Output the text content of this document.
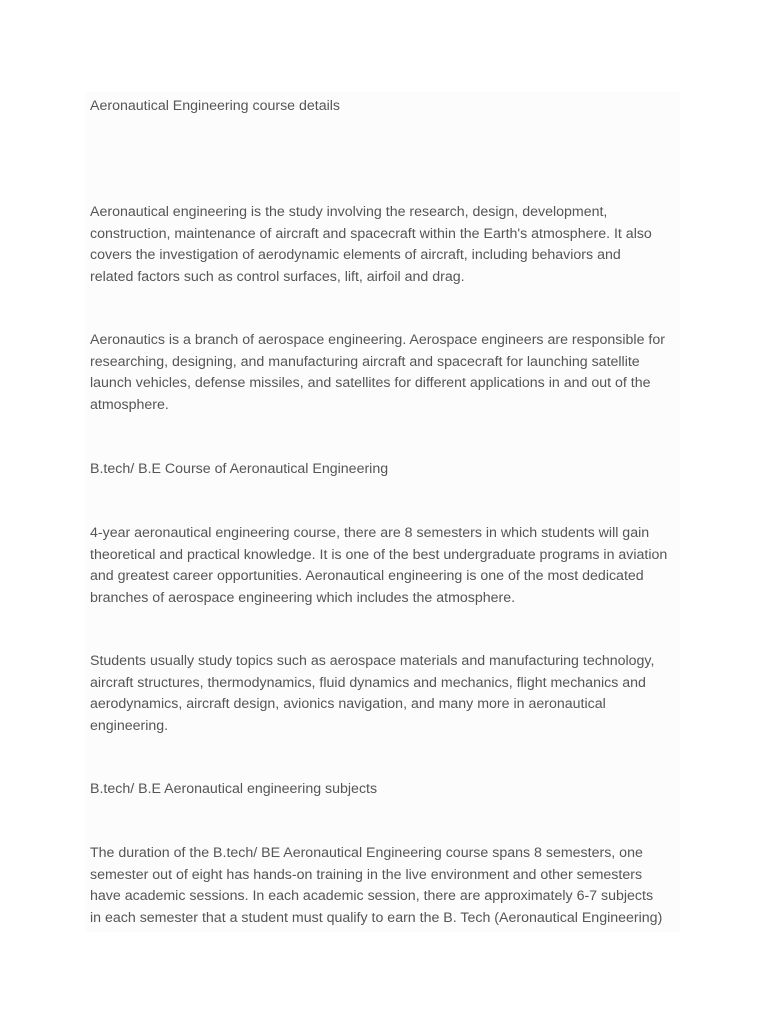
Aeronautical Engineering course details
Aeronautical engineering is the study involving the research, design, development,
construction, maintenance of aircraft and spacecraft within the Earth's atmosphere. It also
covers the investigation of aerodynamic elements of aircraft, including behaviors and
related factors such as control surfaces, lift, airfoil and drag.
Aeronautics is a branch of aerospace engineering. Aerospace engineers are responsible for
researching, designing, and manufacturing aircraft and spacecraft for launching satellite
launch vehicles, defense missiles, and satellites for different applications in and out of the
atmosphere.
B.tech/ B.E Course of Aeronautical Engineering
4-year aeronautical engineering course, there are 8 semesters in which students will gain
theoretical and practical knowledge. It is one of the best undergraduate programs in aviation
and greatest career opportunities. Aeronautical engineering is one of the most dedicated
branches of aerospace engineering which includes the atmosphere.
Students usually study topics such as aerospace materials and manufacturing technology,
aircraft structures, thermodynamics, fluid dynamics and mechanics, flight mechanics and
aerodynamics, aircraft design, avionics navigation, and many more in aeronautical
engineering.
B.tech/ B.E Aeronautical engineering subjects
The duration of the B.tech/ BE Aeronautical Engineering course spans 8 semesters, one
semester out of eight has hands-on training in the live environment and other semesters
have academic sessions. In each academic session, there are approximately 6-7 subjects
in each semester that a student must qualify to earn the B. Tech (Aeronautical Engineering)
